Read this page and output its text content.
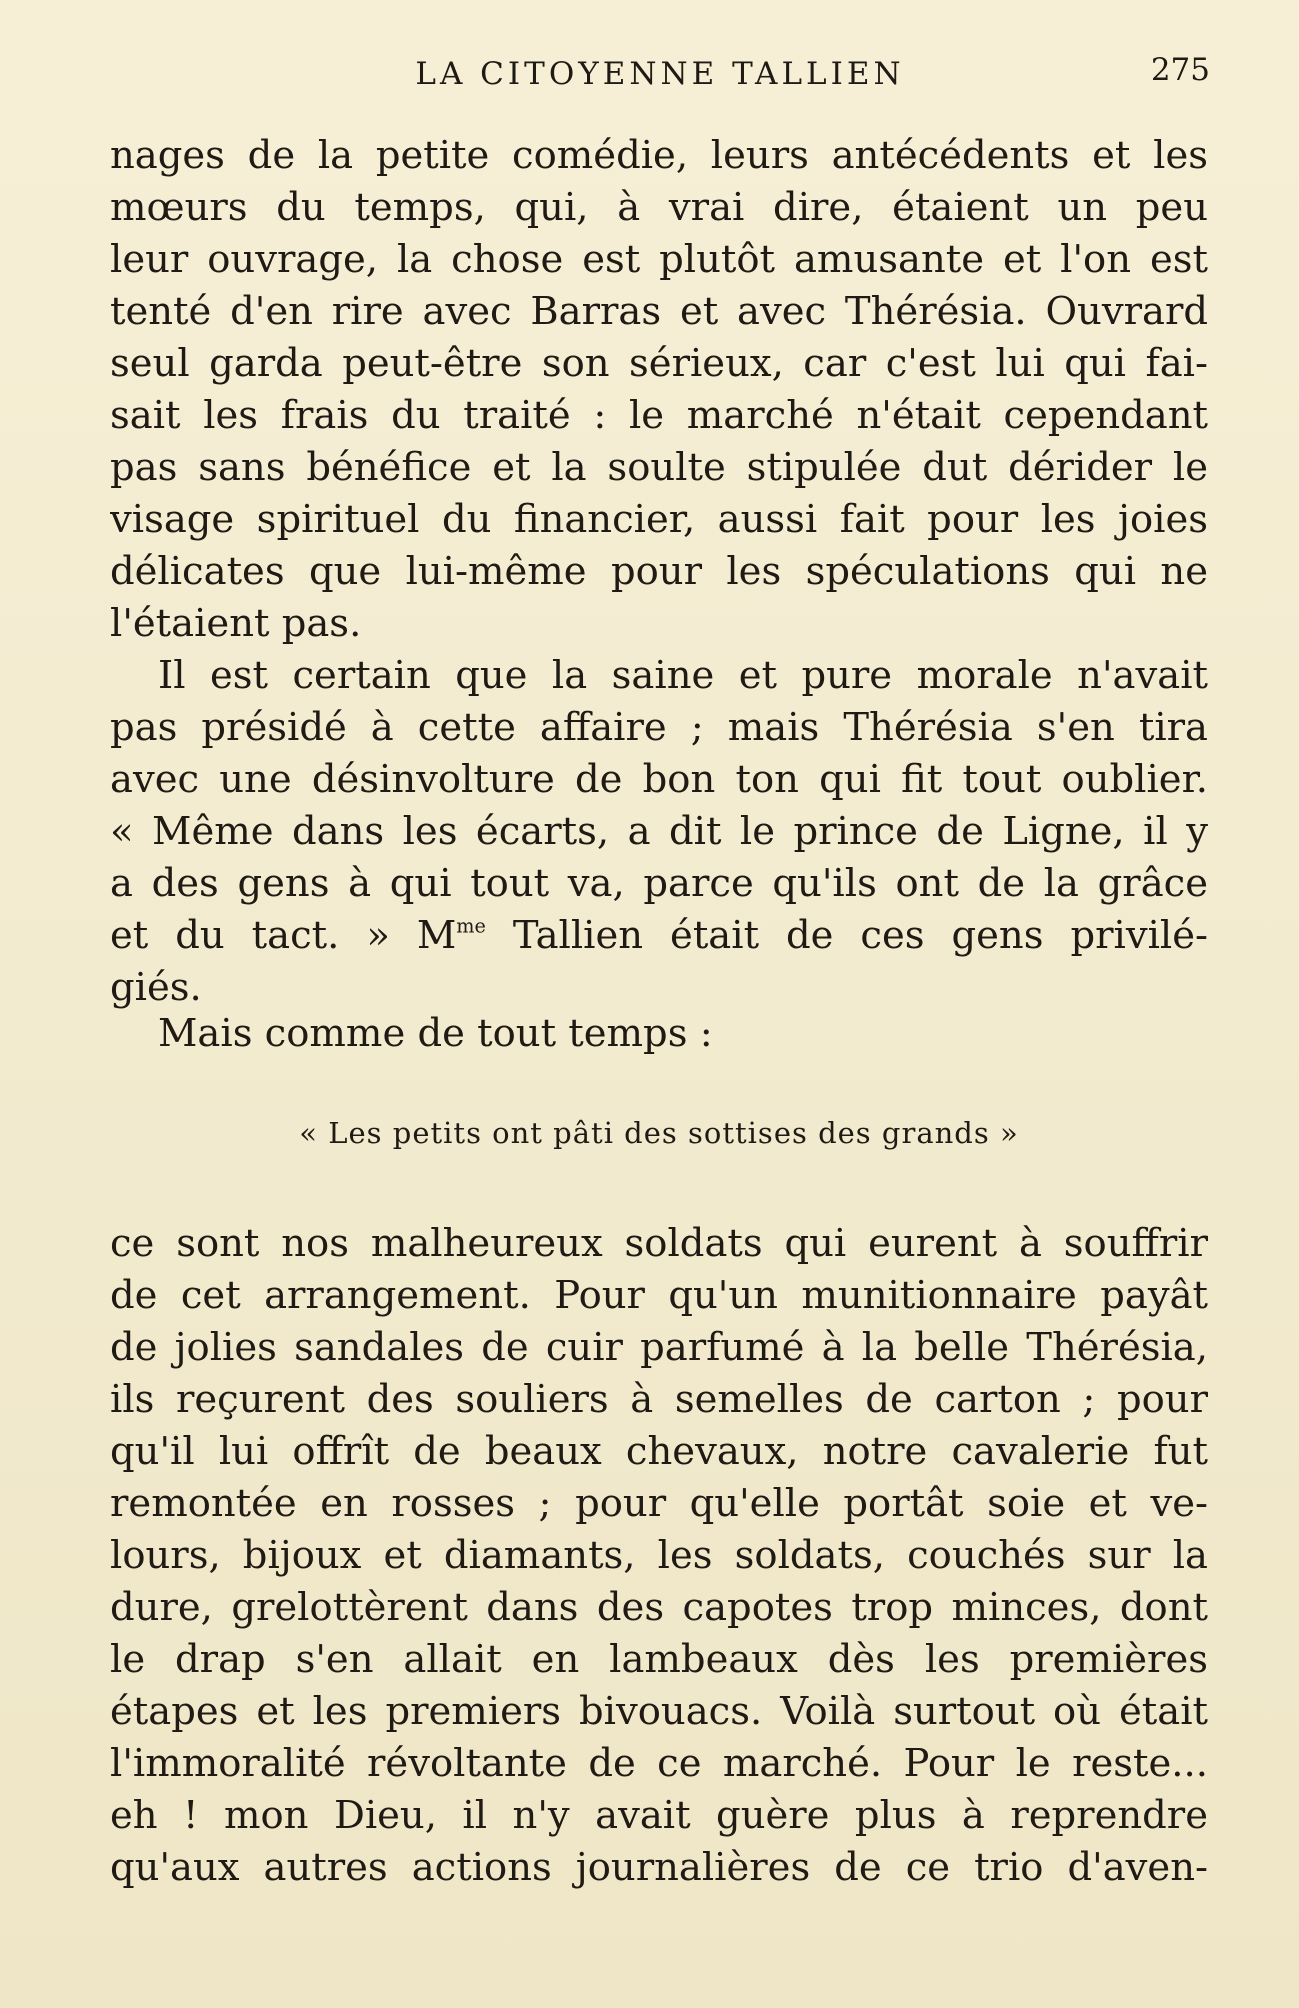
LA CITOYENNE TALLIEN	275
nages de la petite comédie, leurs antécédents et les
mœurs du temps, qui, à vrai dire, étaient un peu
leur ouvrage, la chose est plutôt amusante et l'on est
tenté d'en rire avec Barras et avec Thérésia. Ouvrard
seul garda peut-être son sérieux, car c'est lui qui fai-
sait les frais du traité : le marché n'était cependant
pas sans bénéfice et la soulte stipulée dut dérider le
visage spirituel du financier, aussi fait pour les joies
délicates que lui-même pour les spéculations qui ne
l'étaient pas.
Il est certain que la saine et pure morale n'avait
pas présidé à cette affaire ; mais Thérésia s'en tira
avec une désinvolture de bon ton qui fit tout oublier.
« Même dans les écarts, a dit le prince de Ligne, il y
a des gens à qui tout va, parce qu'ils ont de la grâce
et du tact. » $M^{me}$ Tallien était de ces gens privilé-
giés.
Mais comme de tout temps :
« Les petits ont pâti des sottises des grands »
ce sont nos malheureux soldats qui eurent à souffrir
de cet arrangement. Pour qu'un munitionnaire payât
de jolies sandales de cuir parfumé à la belle Thérésia,
ils reçurent des souliers à semelles de carton ; pour
qu'il lui offrît de beaux chevaux, notre cavalerie fut
remontée en rosses ; pour qu'elle portât soie et ve-
lours, bijoux et diamants, les soldats, couchés sur la
dure, grelottèrent dans des capotes trop minces, dont
le drap s'en allait en lambeaux dès les premières
étapes et les premiers bivouacs. Voilà surtout où était
l'immoralité révoltante de ce marché. Pour le reste...
eh ! mon Dieu, il n'y avait guère plus à reprendre
qu'aux autres actions journalières de ce trio d'aven-
